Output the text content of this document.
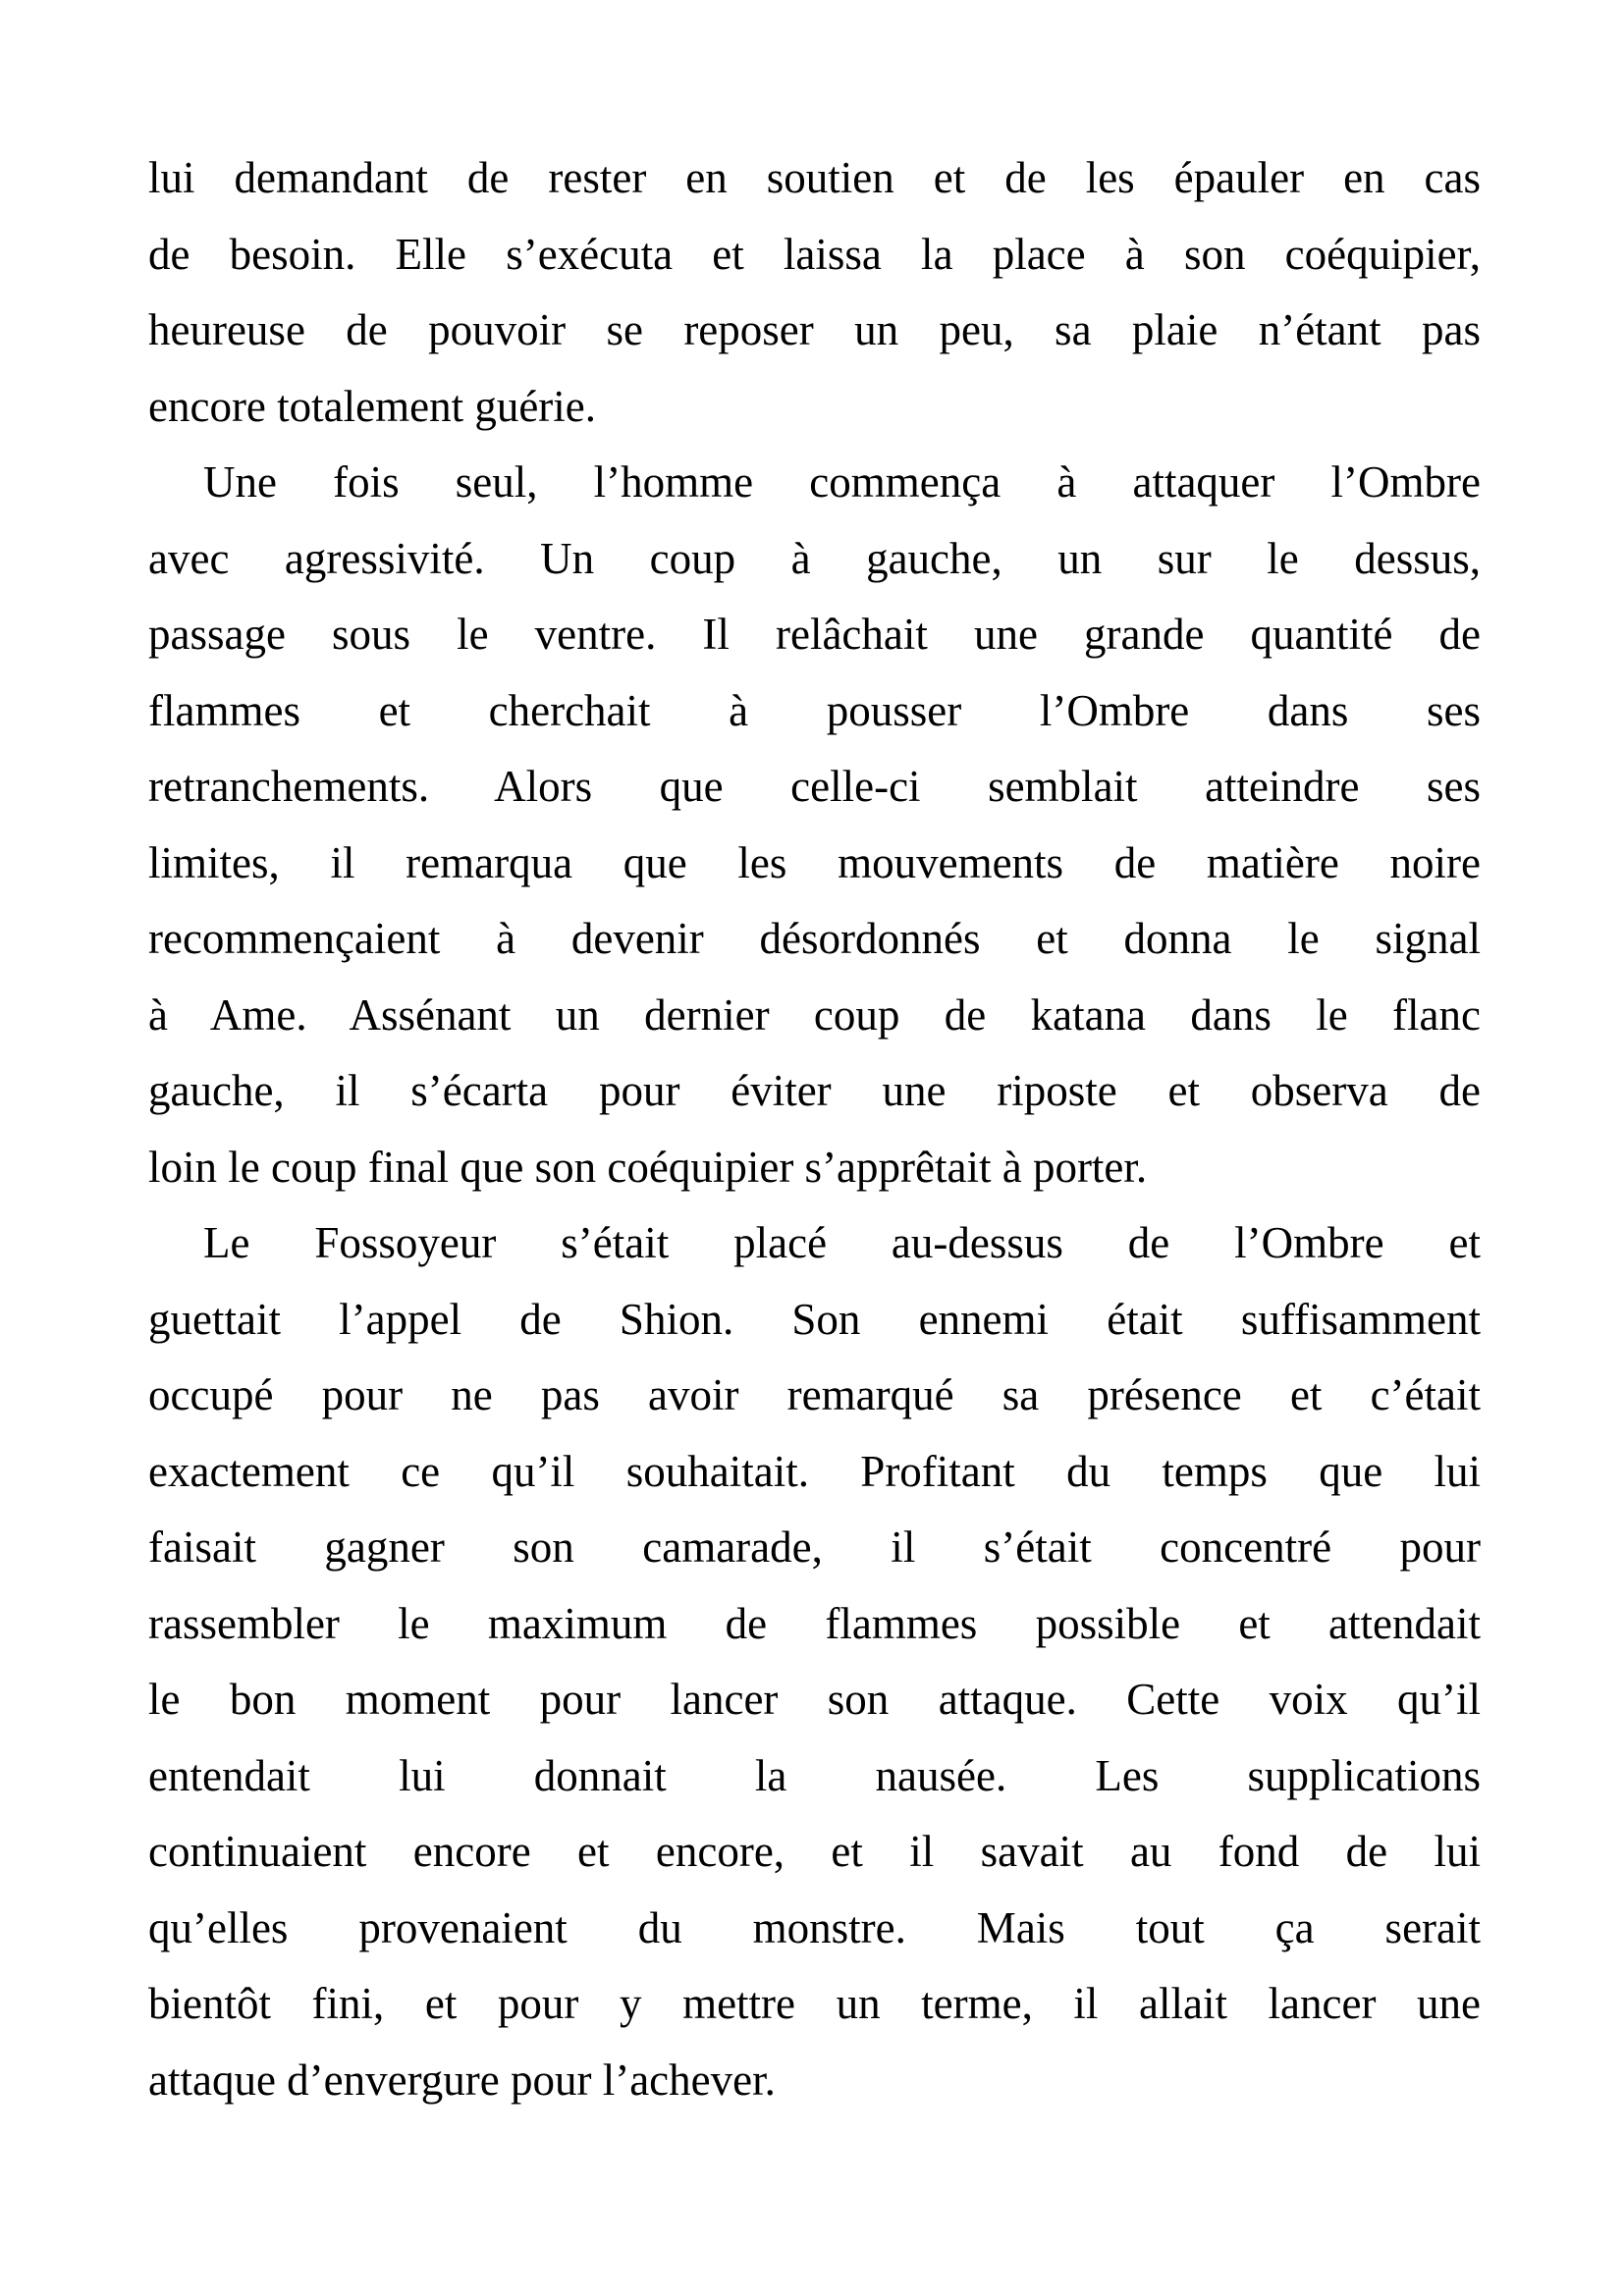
lui demandant de rester en soutien et de les épauler en cas
de besoin. Elle s’exécuta et laissa la place à son coéquipier,
heureuse de pouvoir se reposer un peu, sa plaie n’étant pas
encore totalement guérie.
Une fois seul, l’homme commença à attaquer l’Ombre
avec agressivité. Un coup à gauche, un sur le dessus,
passage sous le ventre. Il relâchait une grande quantité de
flammes et cherchait à pousser l’Ombre dans ses
retranchements. Alors que celle-ci semblait atteindre ses
limites, il remarqua que les mouvements de matière noire
recommençaient à devenir désordonnés et donna le signal
à Ame. Assénant un dernier coup de katana dans le flanc
gauche, il s’écarta pour éviter une riposte et observa de
loin le coup final que son coéquipier s’apprêtait à porter.
Le Fossoyeur s’était placé au-dessus de l’Ombre et
guettait l’appel de Shion. Son ennemi était suffisamment
occupé pour ne pas avoir remarqué sa présence et c’était
exactement ce qu’il souhaitait. Profitant du temps que lui
faisait gagner son camarade, il s’était concentré pour
rassembler le maximum de flammes possible et attendait
le bon moment pour lancer son attaque. Cette voix qu’il
entendait lui donnait la nausée. Les supplications
continuaient encore et encore, et il savait au fond de lui
qu’elles provenaient du monstre. Mais tout ça serait
bientôt fini, et pour y mettre un terme, il allait lancer une
attaque d’envergure pour l’achever.
